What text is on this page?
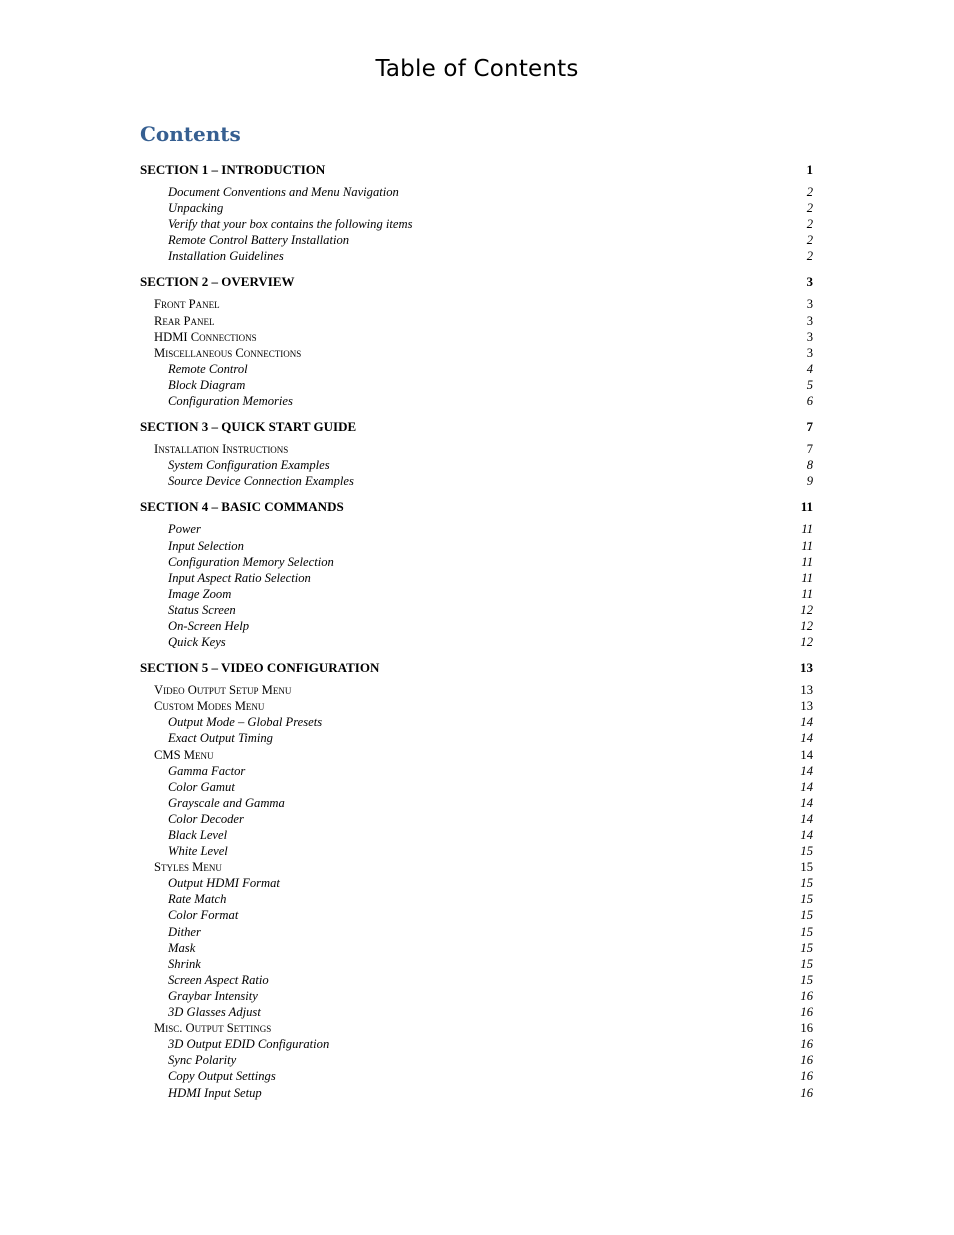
Table of Contents
Contents
SECTION 1 – INTRODUCTION	1
Document Conventions and Menu Navigation	2
Unpacking	2
Verify that your box contains the following items	2
Remote Control Battery Installation	2
Installation Guidelines	2
SECTION 2 – OVERVIEW	3
Front Panel	3
Rear Panel	3
HDMI Connections	3
Miscellaneous Connections	3
Remote Control	4
Block Diagram	5
Configuration Memories	6
SECTION 3 – QUICK START GUIDE	7
Installation Instructions	7
System Configuration Examples	8
Source Device Connection Examples	9
SECTION 4 – BASIC COMMANDS	11
Power	11
Input Selection	11
Configuration Memory Selection	11
Input Aspect Ratio Selection	11
Image Zoom	11
Status Screen	12
On-Screen Help	12
Quick Keys	12
SECTION 5 – VIDEO CONFIGURATION	13
Video Output Setup Menu	13
Custom Modes Menu	13
Output Mode – Global Presets	14
Exact Output Timing	14
CMS Menu	14
Gamma Factor	14
Color Gamut	14
Grayscale and Gamma	14
Color Decoder	14
Black Level	14
White Level	15
Styles Menu	15
Output HDMI Format	15
Rate Match	15
Color Format	15
Dither	15
Mask	15
Shrink	15
Screen Aspect Ratio	15
Graybar Intensity	16
3D Glasses Adjust	16
Misc. Output Settings	16
3D Output EDID Configuration	16
Sync Polarity	16
Copy Output Settings	16
HDMI Input Setup	16
